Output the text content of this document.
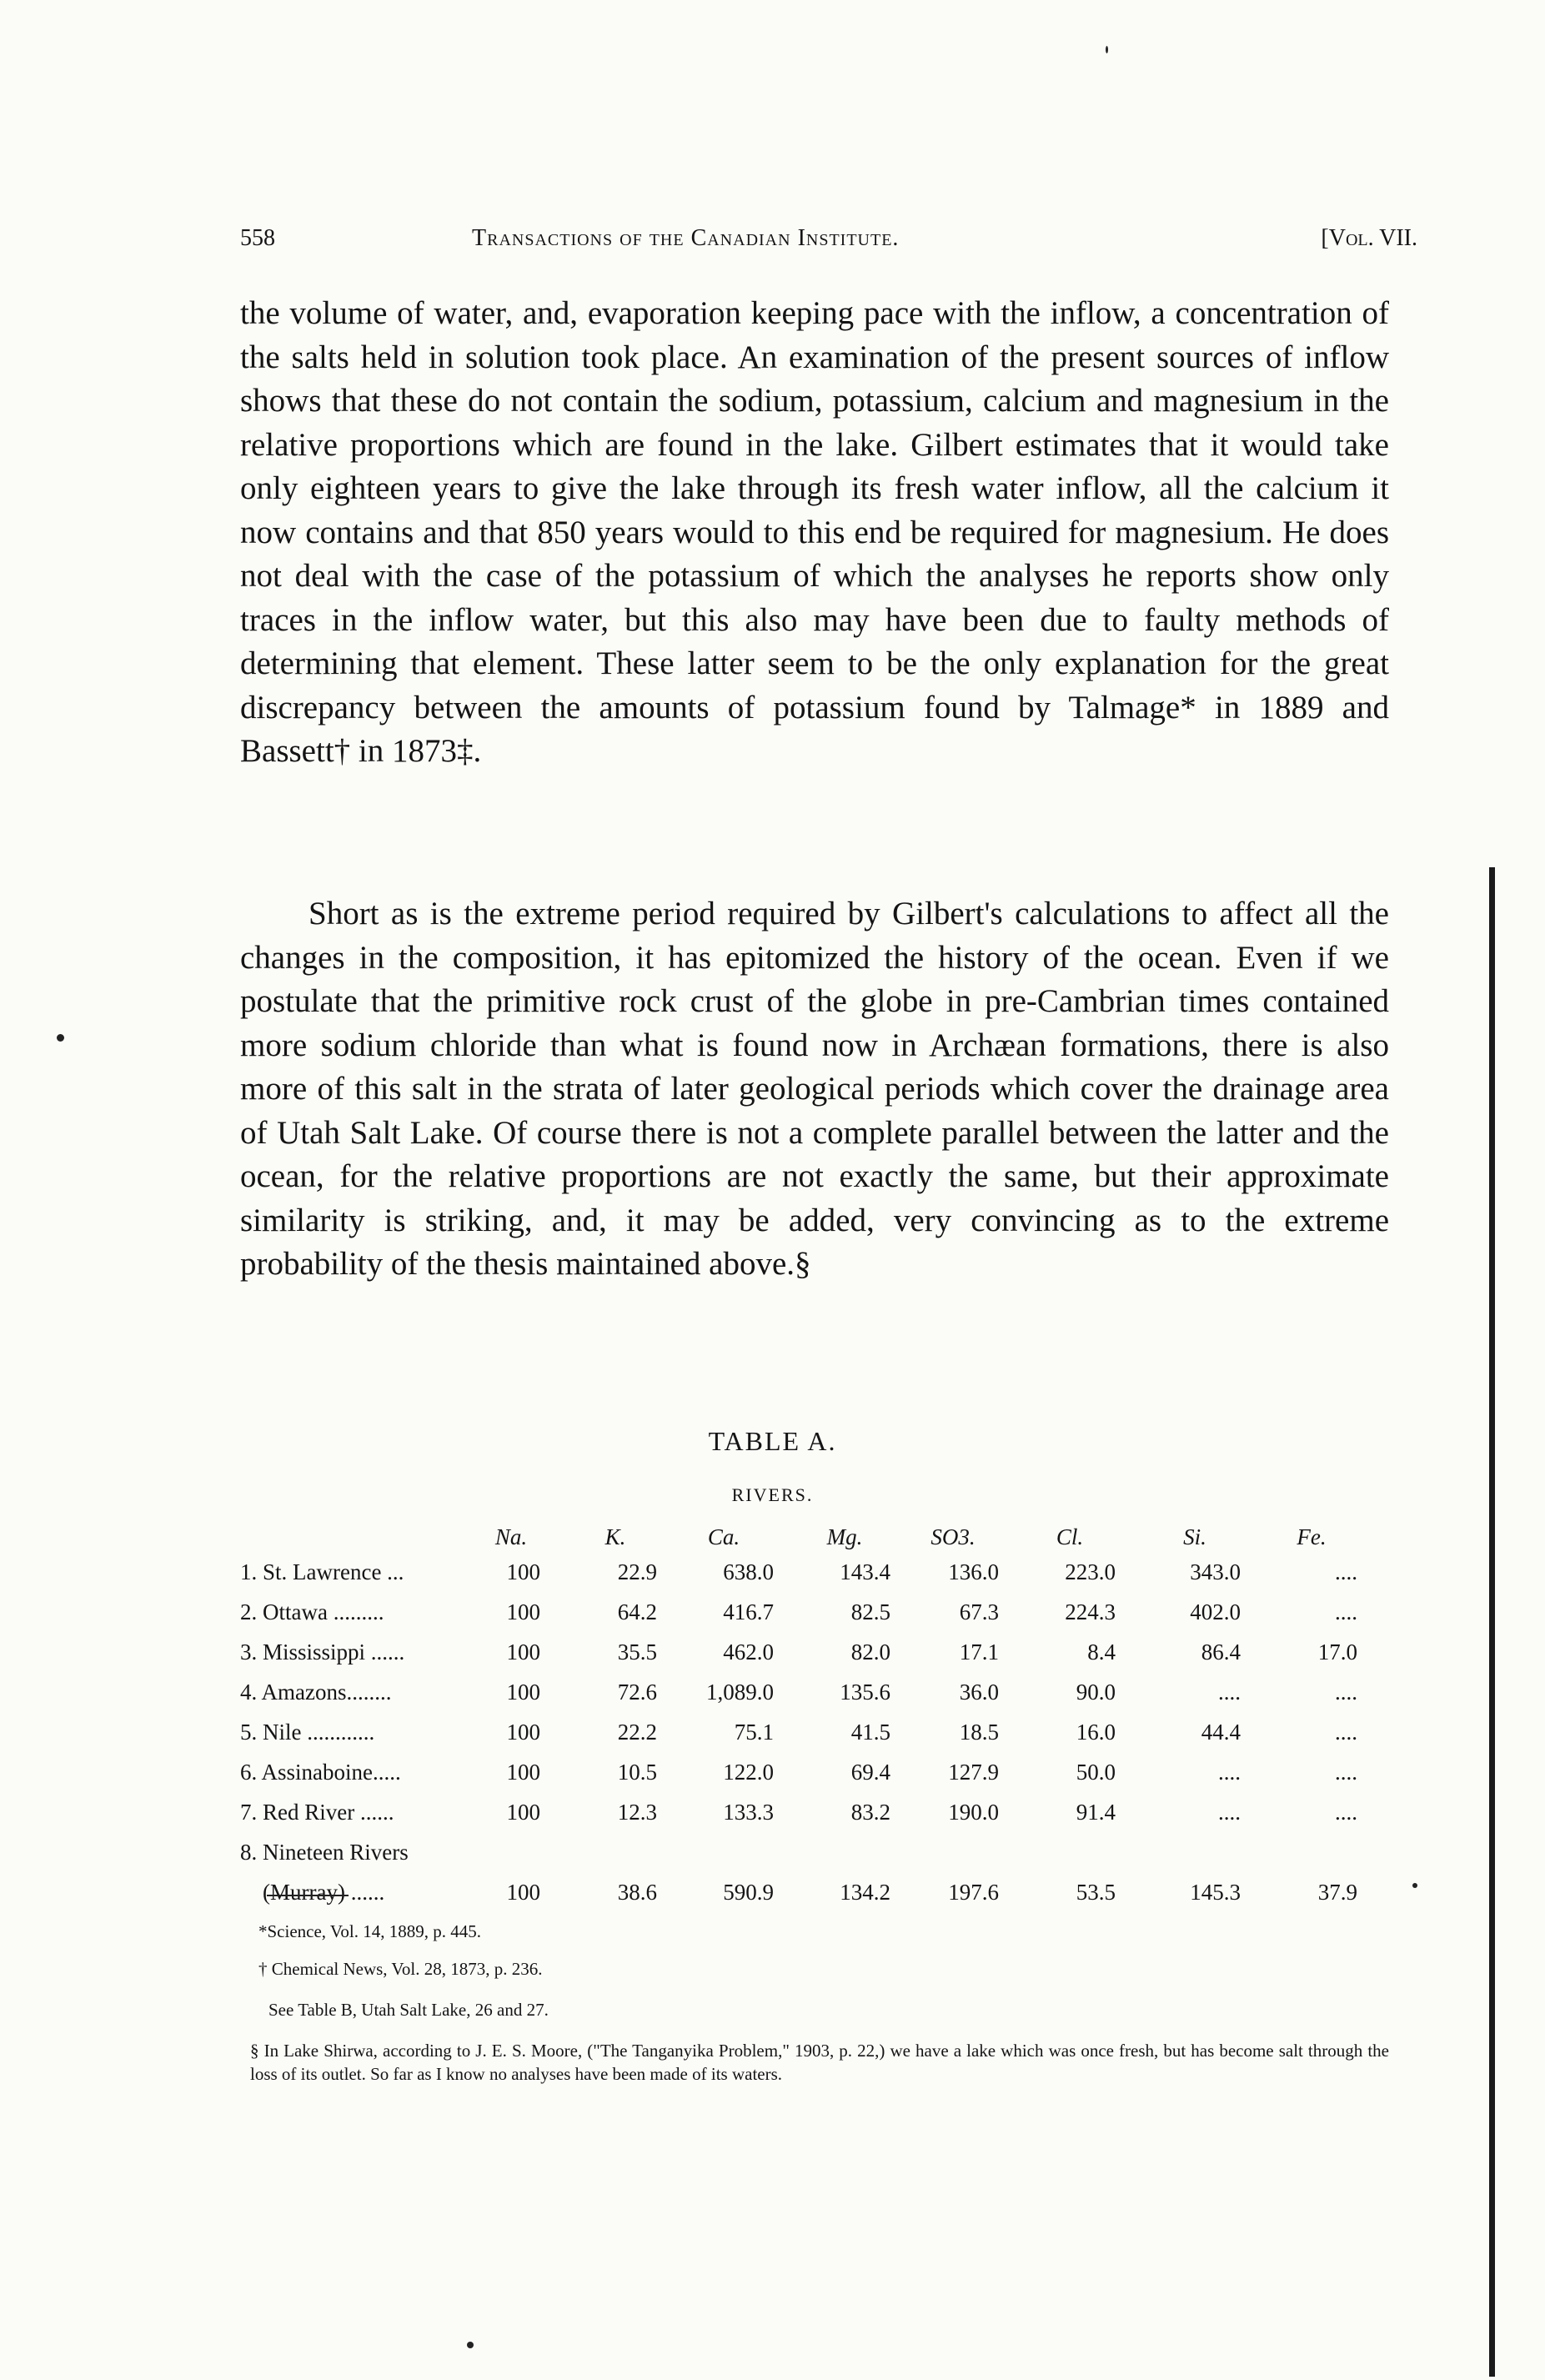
558	Transactions of the Canadian Institute.	[Vol. VII.

the volume of water, and, evaporation keeping pace with the inflow, a concentration of the salts held in solution took place. An examination of the present sources of inflow shows that these do not contain the sodium, potassium, calcium and magnesium in the relative proportions which are found in the lake. Gilbert estimates that it would take only eighteen years to give the lake through its fresh water inflow, all the calcium it now contains and that 850 years would to this end be required for magnesium. He does not deal with the case of the potassium of which the analyses he reports show only traces in the inflow water, but this also may have been due to faulty methods of determining that element. These latter seem to be the only explanation for the great discrepancy between the amounts of potassium found by Talmage* in 1889 and Bassett† in 1873‡.

Short as is the extreme period required by Gilbert's calculations to affect all the changes in the composition, it has epitomized the history of the ocean. Even if we postulate that the primitive rock crust of the globe in pre-Cambrian times contained more sodium chloride than what is found now in Archæan formations, there is also more of this salt in the strata of later geological periods which cover the drainage area of Utah Salt Lake. Of course there is not a complete parallel between the latter and the ocean, for the relative proportions are not exactly the same, but their approximate similarity is striking, and, it may be added, very convincing as to the extreme probability of the thesis maintained above.§

TABLE A.
RIVERS.
Na.	K.	Ca.	Mg.	SO3.	Cl.	Si.	Fe.
1. St. Lawrence ...	100	22.9	638.0	143.4	136.0	223.0	343.0	....
2. Ottawa .........	100	64.2	416.7	82.5	67.3	224.3	402.0	....
3. Mississippi ......	100	35.5	462.0	82.0	17.1	8.4	86.4	17.0
4. Amazons........	100	72.6	1,089.0	135.6	36.0	90.0	....	....
5. Nile ............	100	22.2	75.1	41.5	18.5	16.0	44.4	....
6. Assinaboine.....	100	10.5	122.0	69.4	127.9	50.0	....	....
7. Red River ......	100	12.3	133.3	83.2	190.0	91.4	....	....
8. Nineteen Rivers
(Murray) ......	100	38.6	590.9	134.2	197.6	53.5	145.3	37.9
*Science, Vol. 14, 1889, p. 445.
† Chemical News, Vol. 28, 1873, p. 236.
See Table B, Utah Salt Lake, 26 and 27.
§ In Lake Shirwa, according to J. E. S. Moore, ("The Tanganyika Problem," 1903, p. 22,) we have a lake which was once fresh, but has become salt through the loss of its outlet. So far as I know no analyses have been made of its waters.
